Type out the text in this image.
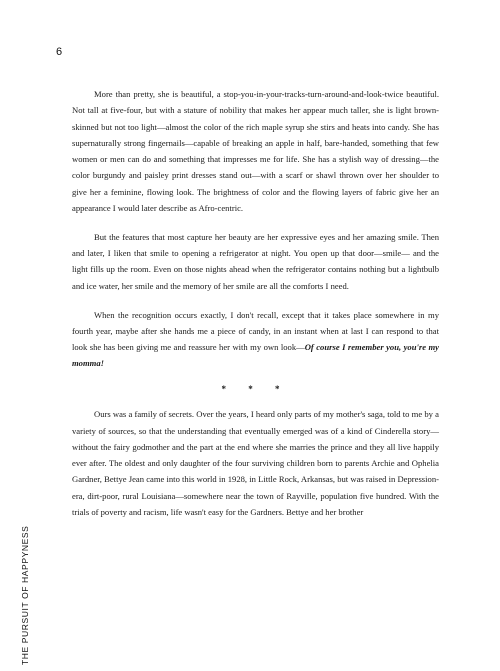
6
THE PURSUIT OF HAPPYNESS

More than pretty, she is beautiful, a stop-you-in-your-tracks-turn-around-and-look-twice beautiful. Not tall at five-four, but with a stature of nobility that makes her appear much taller, she is light brown-skinned but not too light—almost the color of the rich maple syrup she stirs and heats into candy. She has supernaturally strong fingernails—capable of breaking an apple in half, bare-handed, something that few women or men can do and something that impresses me for life. She has a stylish way of dressing—the color burgundy and paisley print dresses stand out—with a scarf or shawl thrown over her shoulder to give her a feminine, flowing look. The brightness of color and the flowing layers of fabric give her an appearance I would later describe as Afro-centric.

But the features that most capture her beauty are her expressive eyes and her amazing smile. Then and later, I liken that smile to opening a refrigerator at night. You open up that door—smile— and the light fills up the room. Even on those nights ahead when the refrigerator contains nothing but a lightbulb and ice water, her smile and the memory of her smile are all the comforts I need.

When the recognition occurs exactly, I don't recall, except that it takes place somewhere in my fourth year, maybe after she hands me a piece of candy, in an instant when at last I can respond to that look she has been giving me and reassure her with my own look—Of course I remember you, you're my momma!

* * *

Ours was a family of secrets. Over the years, I heard only parts of my mother's saga, told to me by a variety of sources, so that the understanding that eventually emerged was of a kind of Cinderella story—without the fairy godmother and the part at the end where she marries the prince and they all live happily ever after. The oldest and only daughter of the four surviving children born to parents Archie and Ophelia Gardner, Bettye Jean came into this world in 1928, in Little Rock, Arkansas, but was raised in Depression-era, dirt-poor, rural Louisiana—somewhere near the town of Rayville, population five hundred. With the trials of poverty and racism, life wasn't easy for the Gardners. Bettye and her brother
